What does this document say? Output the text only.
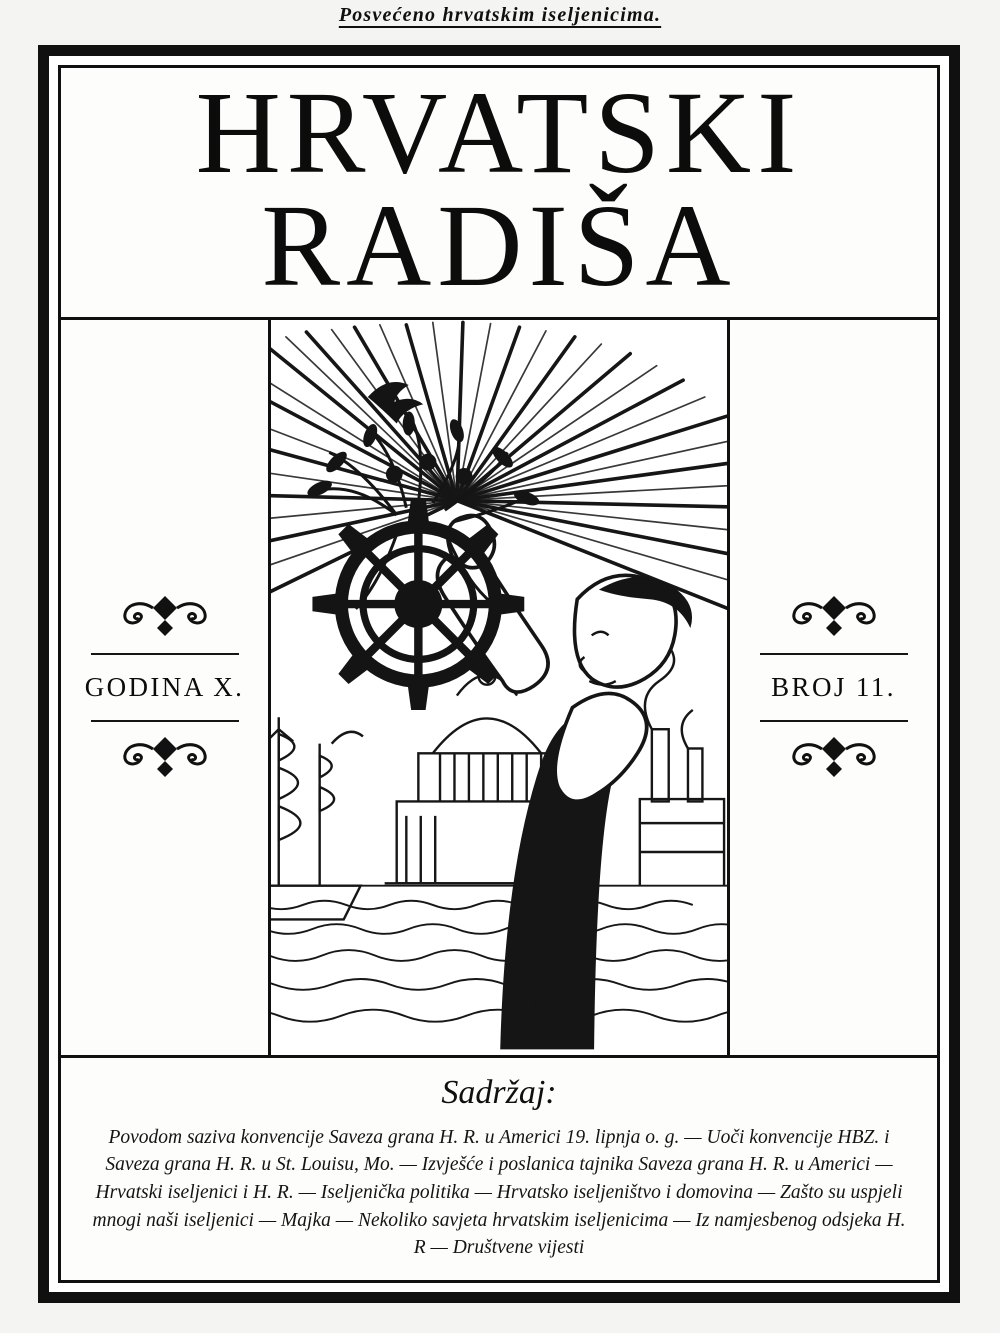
Posvećeno hrvatskim iseljenicima.
HRVATSKI
RADIŠA
GODINA X.	BROJ 11.
Sadržaj:

Povodom saziva konvencije Saveza grana H. R. u Americi 19. lipnja o. g. — Uoči konvencije HBZ. i Saveza grana H. R. u St. Louisu, Mo. — Izvješće i poslanica tajnika Saveza grana H. R. u Americi — Hrvatski iseljenici i H. R. — Iseljenička politika — Hrvatsko iseljeništvo i domovina — Zašto su uspjeli mnogi naši iseljenici — Majka — Nekoliko savjeta hrvatskim iseljenicima — Iz namjesbenog odsjeka H. R — Društvene vijesti
